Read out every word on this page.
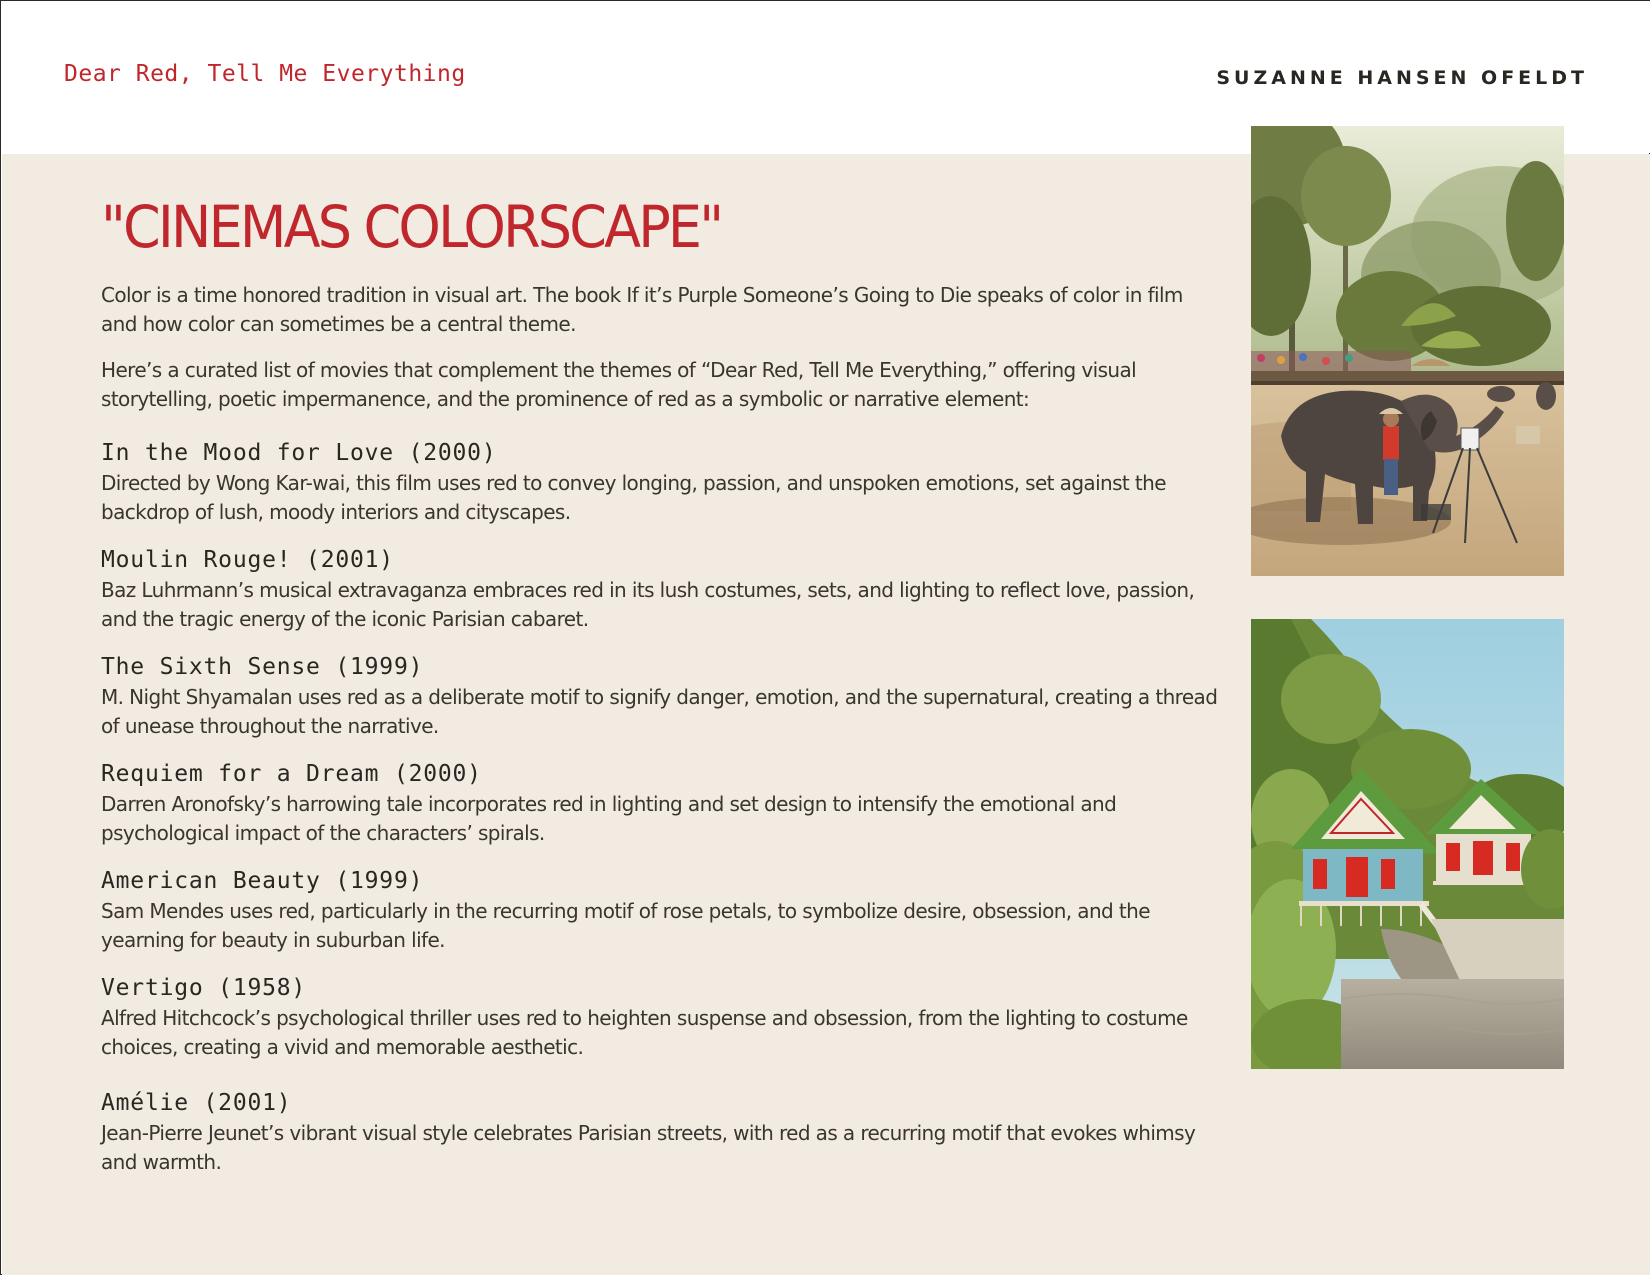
Dear Red, Tell Me Everything	SUZANNE HANSEN OFELDT
"CINEMAS COLORSCAPE"

Color is a time honored tradition in visual art. The book If it’s Purple Someone’s Going to Die speaks of color in film and how color can sometimes be a central theme.

Here’s a curated list of movies that complement the themes of “Dear Red, Tell Me Everything,” offering visual storytelling, poetic impermanence, and the prominence of red as a symbolic or narrative element:

In the Mood for Love (2000)
Directed by Wong Kar-wai, this film uses red to convey longing, passion, and unspoken emotions, set against the backdrop of lush, moody interiors and cityscapes.
Moulin Rouge! (2001)
Baz Luhrmann’s musical extravaganza embraces red in its lush costumes, sets, and lighting to reflect love, passion, and the tragic energy of the iconic Parisian cabaret.
The Sixth Sense (1999)
M. Night Shyamalan uses red as a deliberate motif to signify danger, emotion, and the supernatural, creating a thread of unease throughout the narrative.
Requiem for a Dream (2000)
Darren Aronofsky’s harrowing tale incorporates red in lighting and set design to intensify the emotional and psychological impact of the characters’ spirals.
American Beauty (1999)
Sam Mendes uses red, particularly in the recurring motif of rose petals, to symbolize desire, obsession, and the yearning for beauty in suburban life.
Vertigo (1958)
Alfred Hitchcock’s psychological thriller uses red to heighten suspense and obsession, from the lighting to costume choices, creating a vivid and memorable aesthetic.
Amélie (2001)
Jean-Pierre Jeunet’s vibrant visual style celebrates Parisian streets, with red as a recurring motif that evokes whimsy and warmth.
